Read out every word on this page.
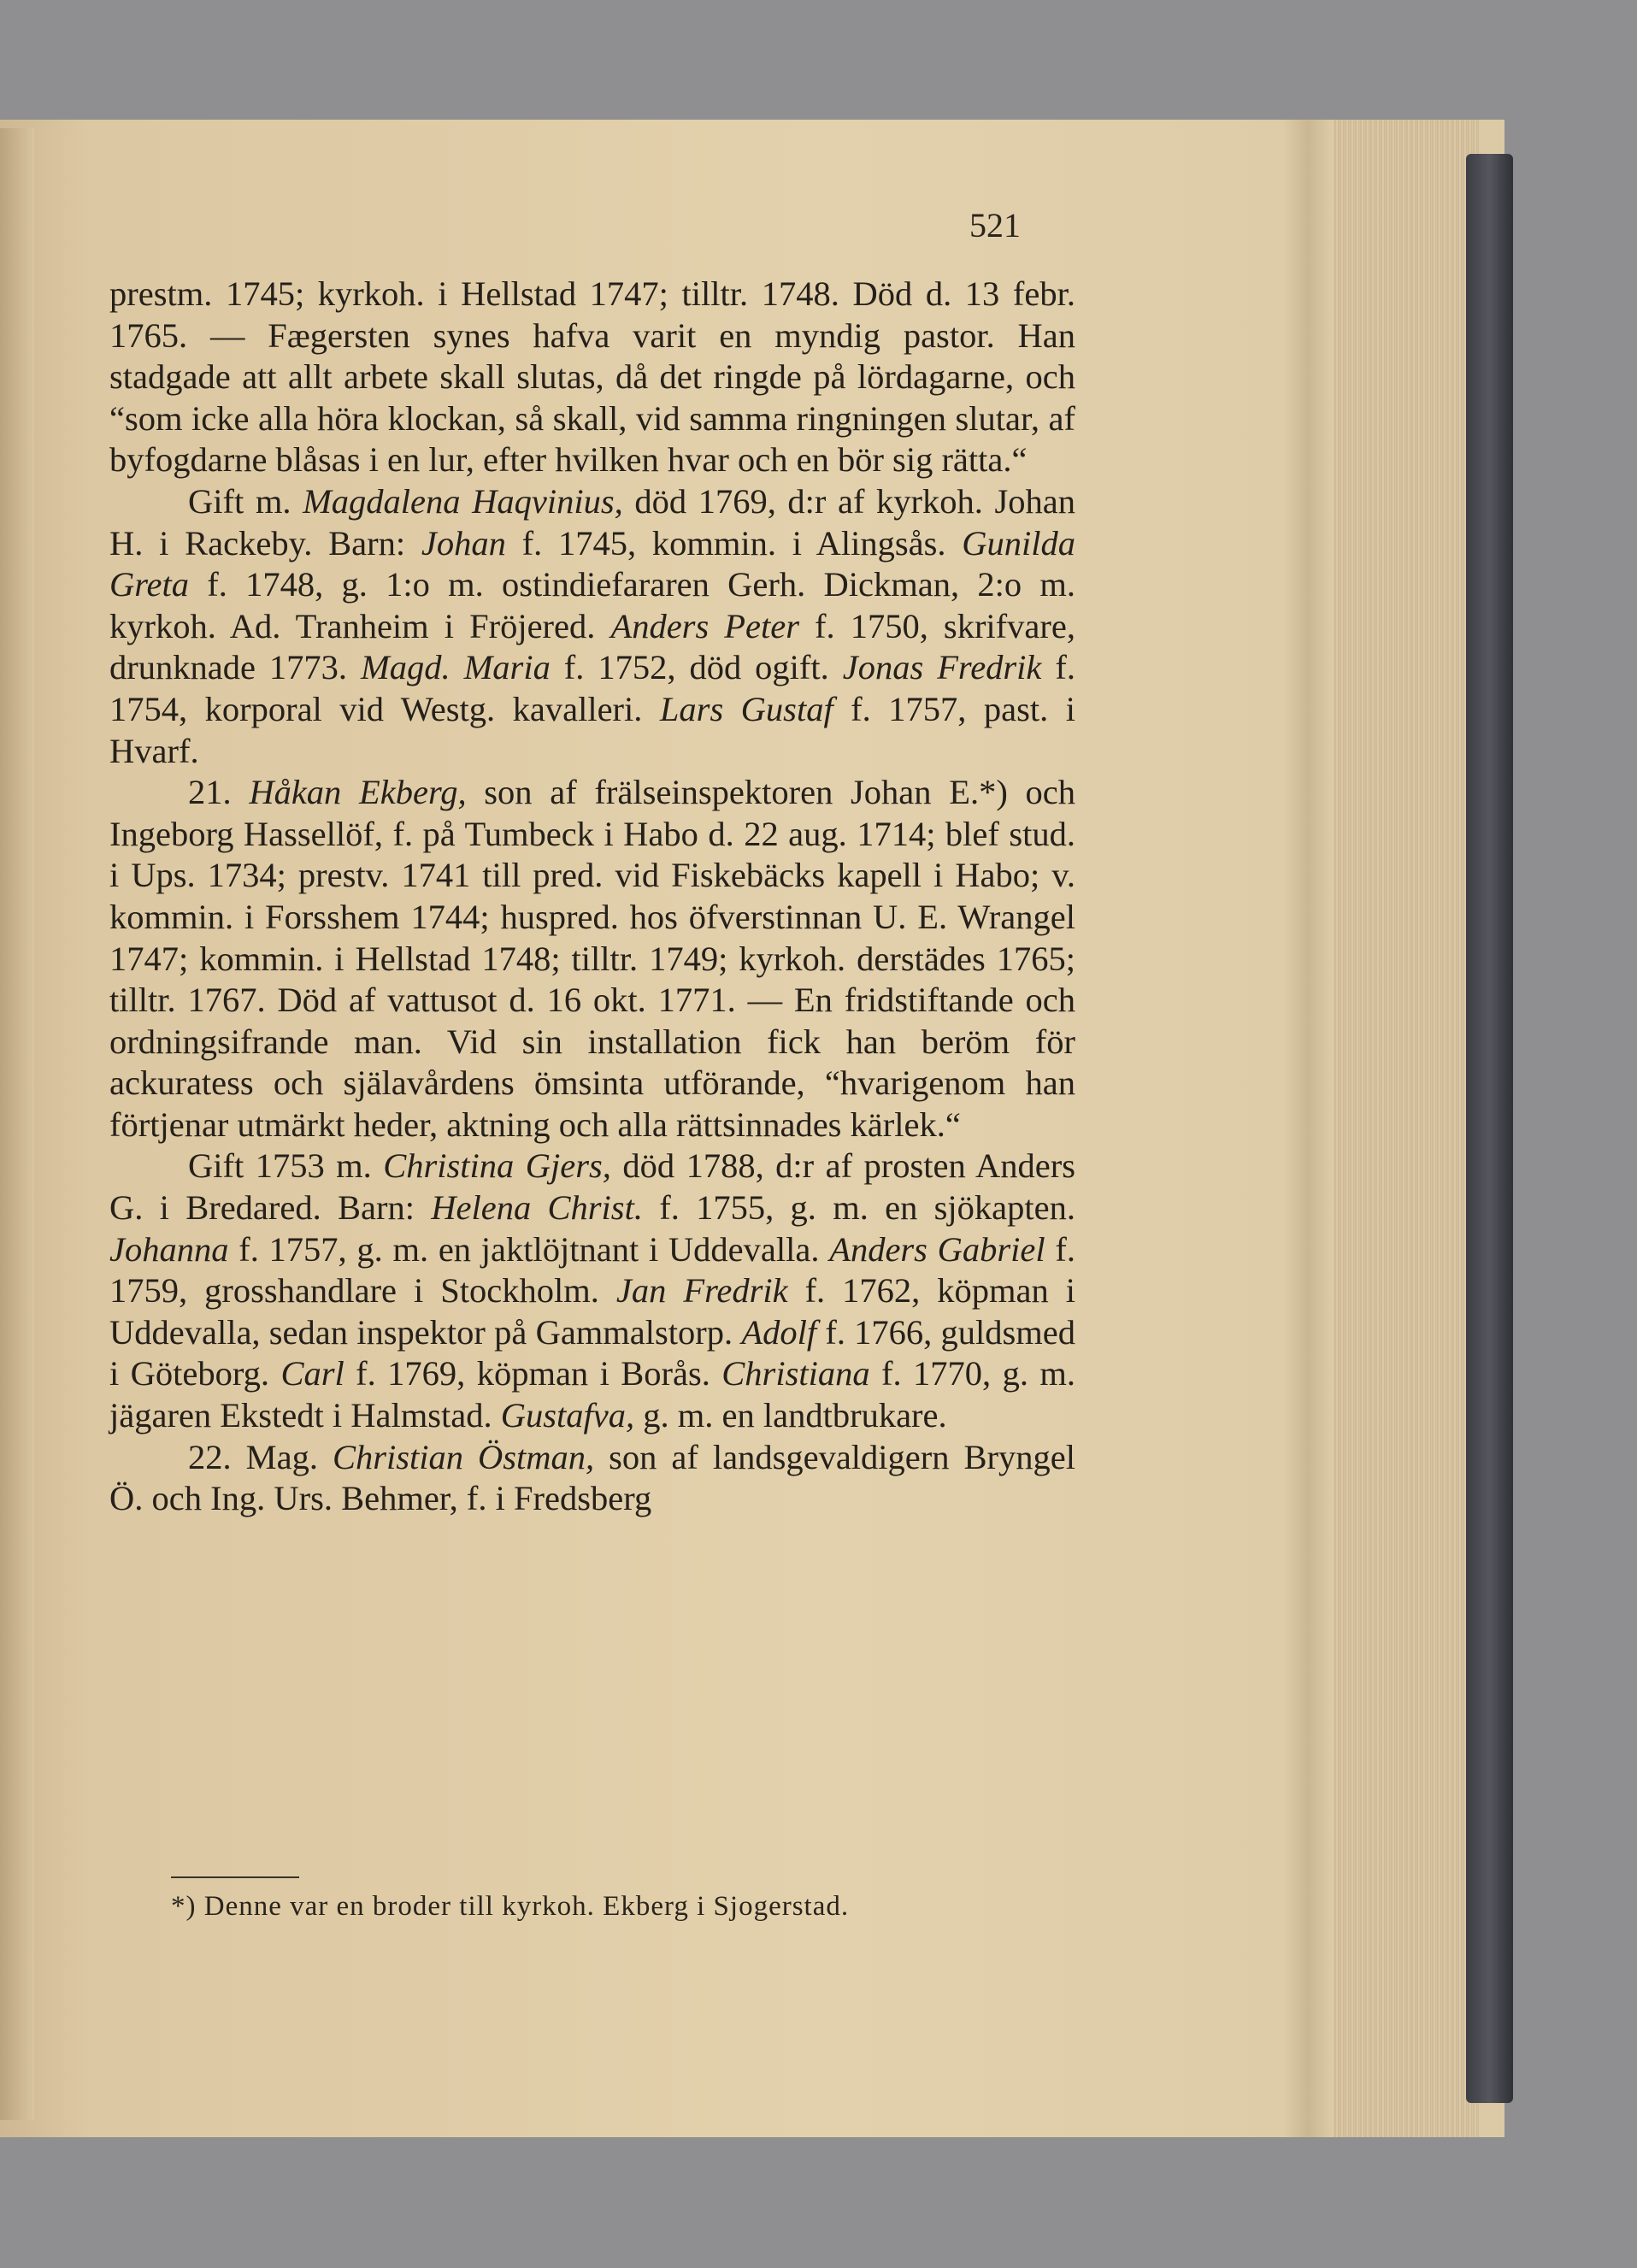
521

prestm. 1745; kyrkoh. i Hellstad 1747; tilltr. 1748. Död d. 13 febr. 1765. — Fægersten synes hafva varit en myndig pastor. Han stadgade att allt arbete skall slutas, då det ringde på lördagarne, och “som icke alla höra klockan, så skall, vid samma ringningen slutar, af byfogdarne blåsas i en lur, efter hvilken hvar och en bör sig rätta.“

Gift m. Magdalena Haqvinius, död 1769, d:r af kyrkoh. Johan H. i Rackeby. Barn: Johan f. 1745, kommin. i Alingsås. Gunilda Greta f. 1748, g. 1:o m. ostindiefararen Gerh. Dickman, 2:o m. kyrkoh. Ad. Tranheim i Fröjered. Anders Peter f. 1750, skrifvare, drunknade 1773. Magd. Maria f. 1752, död ogift. Jonas Fredrik f. 1754, korporal vid Westg. kavalleri. Lars Gustaf f. 1757, past. i Hvarf.

21. Håkan Ekberg, son af frälseinspektoren Johan E.*) och Ingeborg Hassellöf, f. på Tumbeck i Habo d. 22 aug. 1714; blef stud. i Ups. 1734; prestv. 1741 till pred. vid Fiskebäcks kapell i Habo; v. kommin. i Forsshem 1744; huspred. hos öfverstinnan U. E. Wrangel 1747; kommin. i Hellstad 1748; tilltr. 1749; kyrkoh. derstädes 1765; tilltr. 1767. Död af vattusot d. 16 okt. 1771. — En fridstiftande och ordningsifrande man. Vid sin installation fick han beröm för ackuratess och själavårdens ömsinta utförande, “hvarigenom han förtjenar utmärkt heder, aktning och alla rättsinnades kärlek.“

Gift 1753 m. Christina Gjers, död 1788, d:r af prosten Anders G. i Bredared. Barn: Helena Christ. f. 1755, g. m. en sjökapten. Johanna f. 1757, g. m. en jaktlöjtnant i Uddevalla. Anders Gabriel f. 1759, grosshandlare i Stockholm. Jan Fredrik f. 1762, köpman i Uddevalla, sedan inspektor på Gammalstorp. Adolf f. 1766, guldsmed i Göteborg. Carl f. 1769, köpman i Borås. Christiana f. 1770, g. m. jägaren Ekstedt i Halmstad. Gustafva, g. m. en landtbrukare.

22. Mag. Christian Östman, son af landsgevaldigern Bryngel Ö. och Ing. Urs. Behmer, f. i Fredsberg

*) Denne var en broder till kyrkoh. Ekberg i Sjogerstad.
